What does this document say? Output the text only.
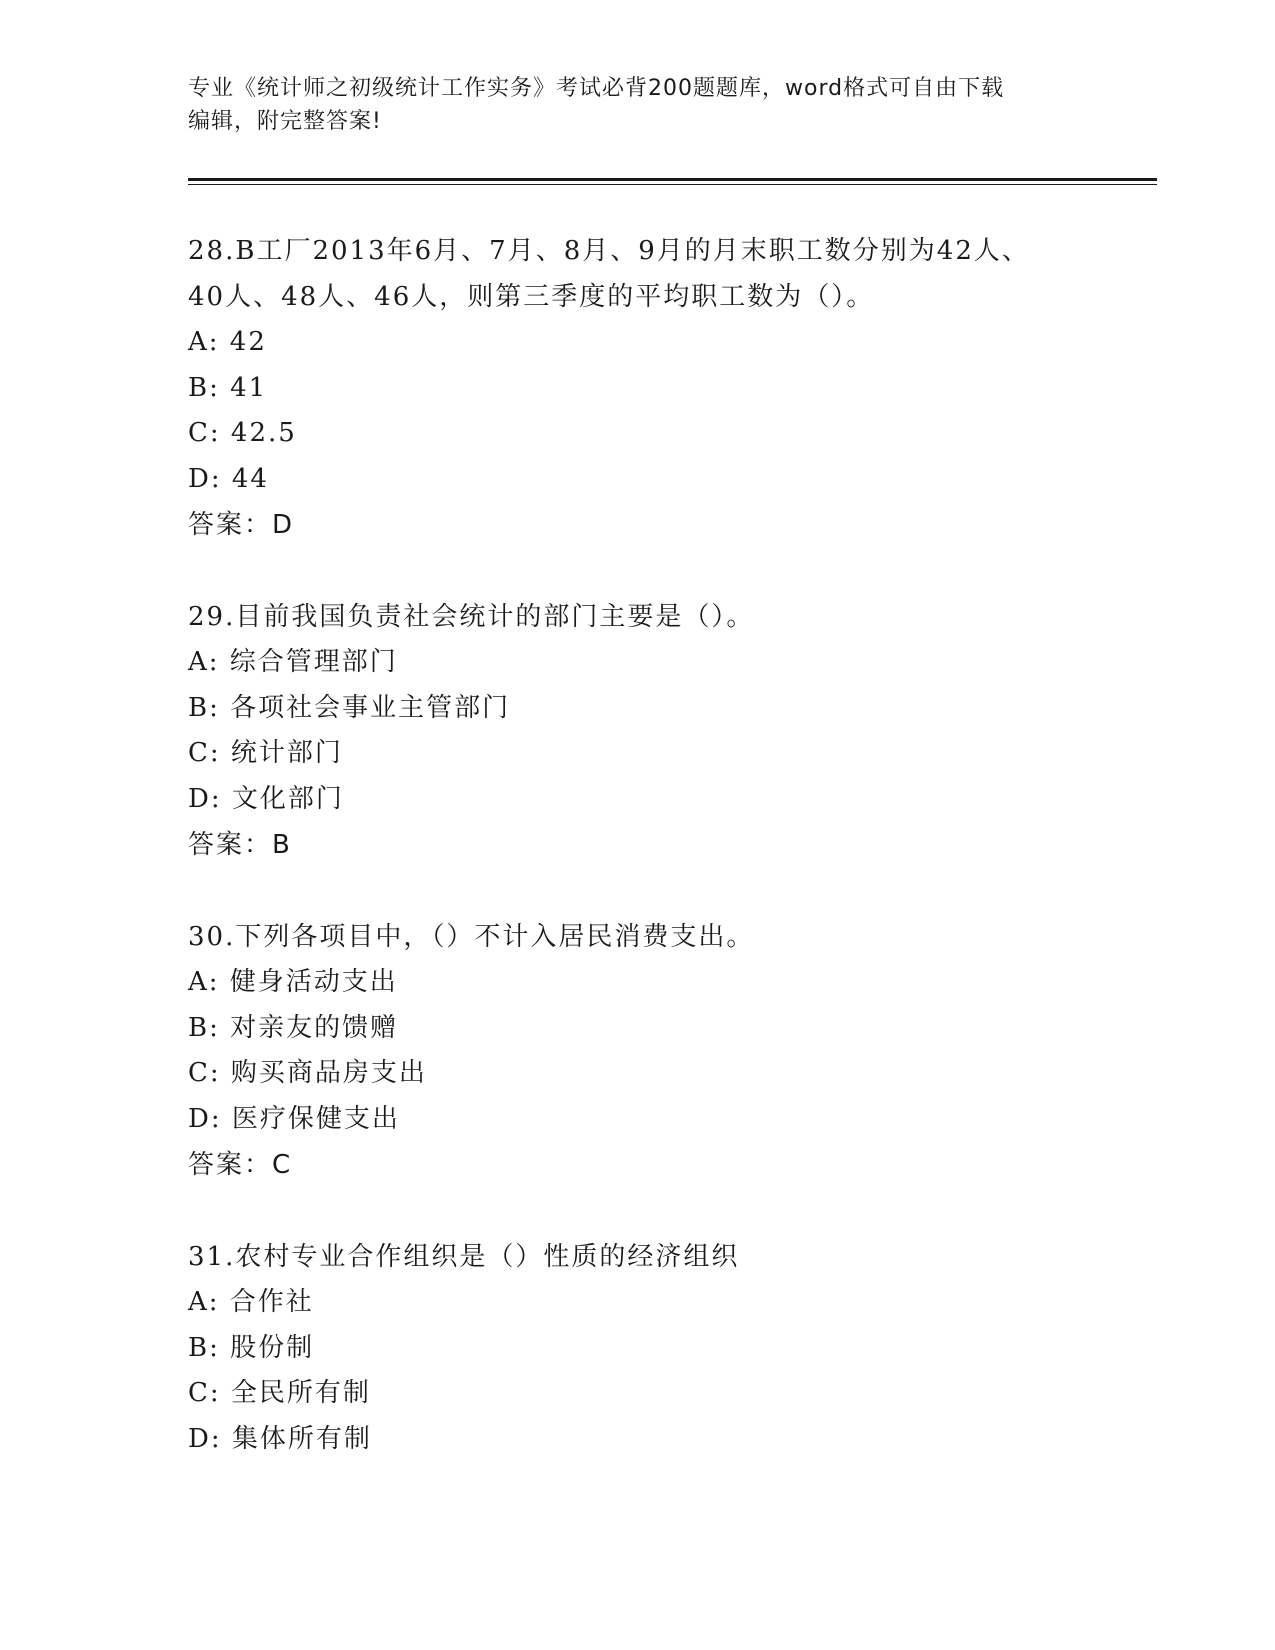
专业《统计师之初级统计工作实务》考试必背200题题库，word格式可自由下载
编辑，附完整答案!
28.B工厂2013年6月、7月、8月、9月的月末职工数分别为42人、
40人、48人、46人，则第三季度的平均职工数为（）。
A: 42
B: 41
C: 42.5
D: 44
答案：D
29.目前我国负责社会统计的部门主要是（）。
A: 综合管理部门
B: 各项社会事业主管部门
C: 统计部门
D: 文化部门
答案：B
30.下列各项目中，（）不计入居民消费支出。
A: 健身活动支出
B: 对亲友的馈赠
C: 购买商品房支出
D: 医疗保健支出
答案：C
31.农村专业合作组织是（）性质的经济组织
A: 合作社
B: 股份制
C: 全民所有制
D: 集体所有制
